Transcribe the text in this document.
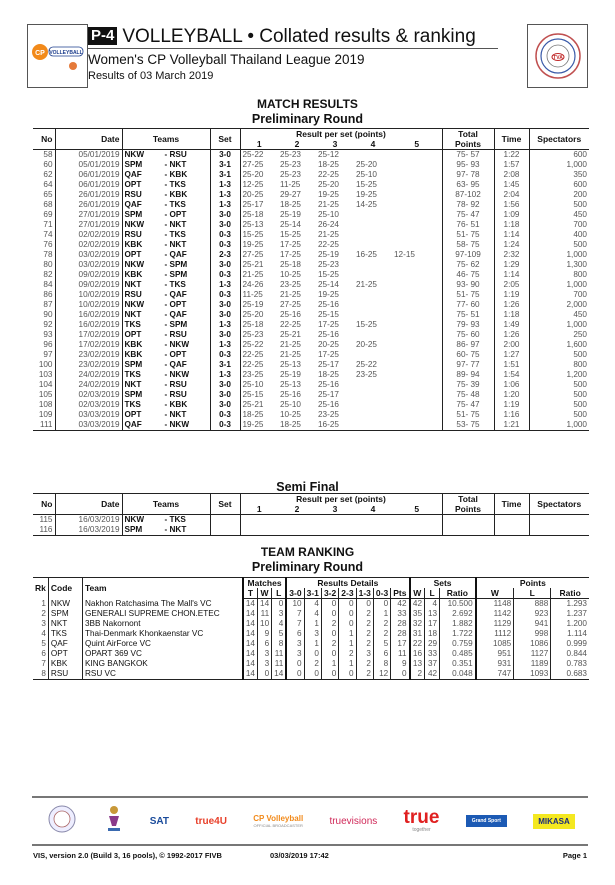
CP VOLLEYBALL
P-4 VOLLEYBALL • Collated results & ranking
Women's CP Volleyball Thailand League 2019
Results of 03 March 2019
TVA
MATCH RESULTS
Preliminary Round
No	Date	Teams	Set	Result per set (points)					Total	Time	Spectators
				1	2	3	4	5	Points		
58	05/01/2019	NKW - RSU	3-0	25-22	25-23	25-12			75- 57	1:22	600
60	05/01/2019	SPM - NKT	3-1	27-25	25-23	18-25	25-20		95- 93	1:57	1,000
62	06/01/2019	QAF - KBK	3-1	25-20	25-23	22-25	25-10		97- 78	2:08	350
64	06/01/2019	OPT - TKS	1-3	12-25	11-25	25-20	15-25		63- 95	1:45	600
65	26/01/2019	RSU - KBK	1-3	20-25	29-27	19-25	19-25		87-102	2:04	200
68	26/01/2019	QAF - TKS	1-3	25-17	18-25	21-25	14-25		78- 92	1:56	500
69	27/01/2019	SPM - OPT	3-0	25-18	25-19	25-10			75- 47	1:09	450
71	27/01/2019	NKW - NKT	3-0	25-13	25-14	26-24			76- 51	1:18	700
74	02/02/2019	RSU - TKS	0-3	15-25	15-25	21-25			51- 75	1:14	400
76	02/02/2019	KBK - NKT	0-3	19-25	17-25	22-25			58- 75	1:24	500
78	03/02/2019	OPT - QAF	2-3	27-25	17-25	25-19	16-25	12-15	97-109	2:32	1,000
80	03/02/2019	NKW - SPM	3-0	25-21	25-18	25-23			75- 62	1:29	1,300
82	09/02/2019	KBK - SPM	0-3	21-25	10-25	15-25			46- 75	1:14	800
84	09/02/2019	NKT - TKS	1-3	24-26	23-25	25-14	21-25		93- 90	2:05	1,000
86	10/02/2019	RSU - QAF	0-3	11-25	21-25	19-25			51- 75	1:19	700
87	10/02/2019	NKW - OPT	3-0	25-19	27-25	25-16			77- 60	1:26	2,000
90	16/02/2019	NKT - QAF	3-0	25-20	25-16	25-15			75- 51	1:18	450
92	16/02/2019	TKS - SPM	1-3	25-18	22-25	17-25	15-25		79- 93	1:49	1,000
93	17/02/2019	OPT - RSU	3-0	25-23	25-21	25-16			75- 60	1:26	250
96	17/02/2019	KBK - NKW	1-3	25-22	21-25	20-25	20-25		86- 97	2:00	1,600
97	23/02/2019	KBK - OPT	0-3	22-25	21-25	17-25			60- 75	1:27	500
100	23/02/2019	SPM - QAF	3-1	22-25	25-13	25-17	25-22		97- 77	1:51	800
103	24/02/2019	TKS - NKW	1-3	23-25	25-19	18-25	23-25		89- 94	1:54	1,200
104	24/02/2019	NKT - RSU	3-0	25-10	25-13	25-16			75- 39	1:06	500
105	02/03/2019	SPM - RSU	3-0	25-15	25-16	25-17			75- 48	1:20	500
108	02/03/2019	TKS - KBK	3-0	25-21	25-10	25-16			75- 47	1:19	500
109	03/03/2019	OPT - NKT	0-3	18-25	10-25	23-25			51- 75	1:16	500
111	03/03/2019	QAF - NKW	0-3	19-25	18-25	16-25			53- 75	1:21	1,000
Semi Final
No	Date	Teams	Set	Result per set (points)					Total	Time	Spectators
				1	2	3	4	5	Points		
115	16/03/2019	NKW - TKS									
116	16/03/2019	SPM - NKT									
TEAM RANKING
Preliminary Round
Rk	Code	Team	Matches			Results Details							Sets			Points		
			T	W	L	3-0	3-1	3-2	2-3	1-3	0-3	Pts	W	L	Ratio	W	L	Ratio
1	NKW	Nakhon Ratchasima The Mall's VC	14	14	0	10	4	0	0	0	0	42	42	4	10.500	1148	888	1.293
2	SPM	GENERALI SUPREME CHON.ETEC	14	11	3	7	4	0	0	2	1	33	35	13	2.692	1142	923	1.237
3	NKT	3BB Nakornont	14	10	4	7	1	2	0	2	2	28	32	17	1.882	1129	941	1.200
4	TKS	Thai-Denmark Khonkaenstar VC	14	9	5	6	3	0	1	2	2	28	31	18	1.722	1112	998	1.114
5	QAF	Quint AirForce VC	14	6	8	3	1	2	1	2	5	17	22	29	0.759	1085	1086	0.999
6	OPT	OPART 369 VC	14	3	11	3	0	0	2	3	6	11	16	33	0.485	951	1127	0.844
7	KBK	KING BANGKOK	14	3	11	0	2	1	1	2	8	9	13	37	0.351	931	1189	0.783
8	RSU	RSU VC	14	0	14	0	0	0	0	2	12	0	2	42	0.048	747	1093	0.683
SAT	true4U	CP Volleyball
OFFICIAL BROADCASTER	truevisions true
together
Grand Sport	MIKASA
VIS, version 2.0 (Build 3, 16 pools), © 1992-2017 FIVB	03/03/2019 17:42	Page 1
